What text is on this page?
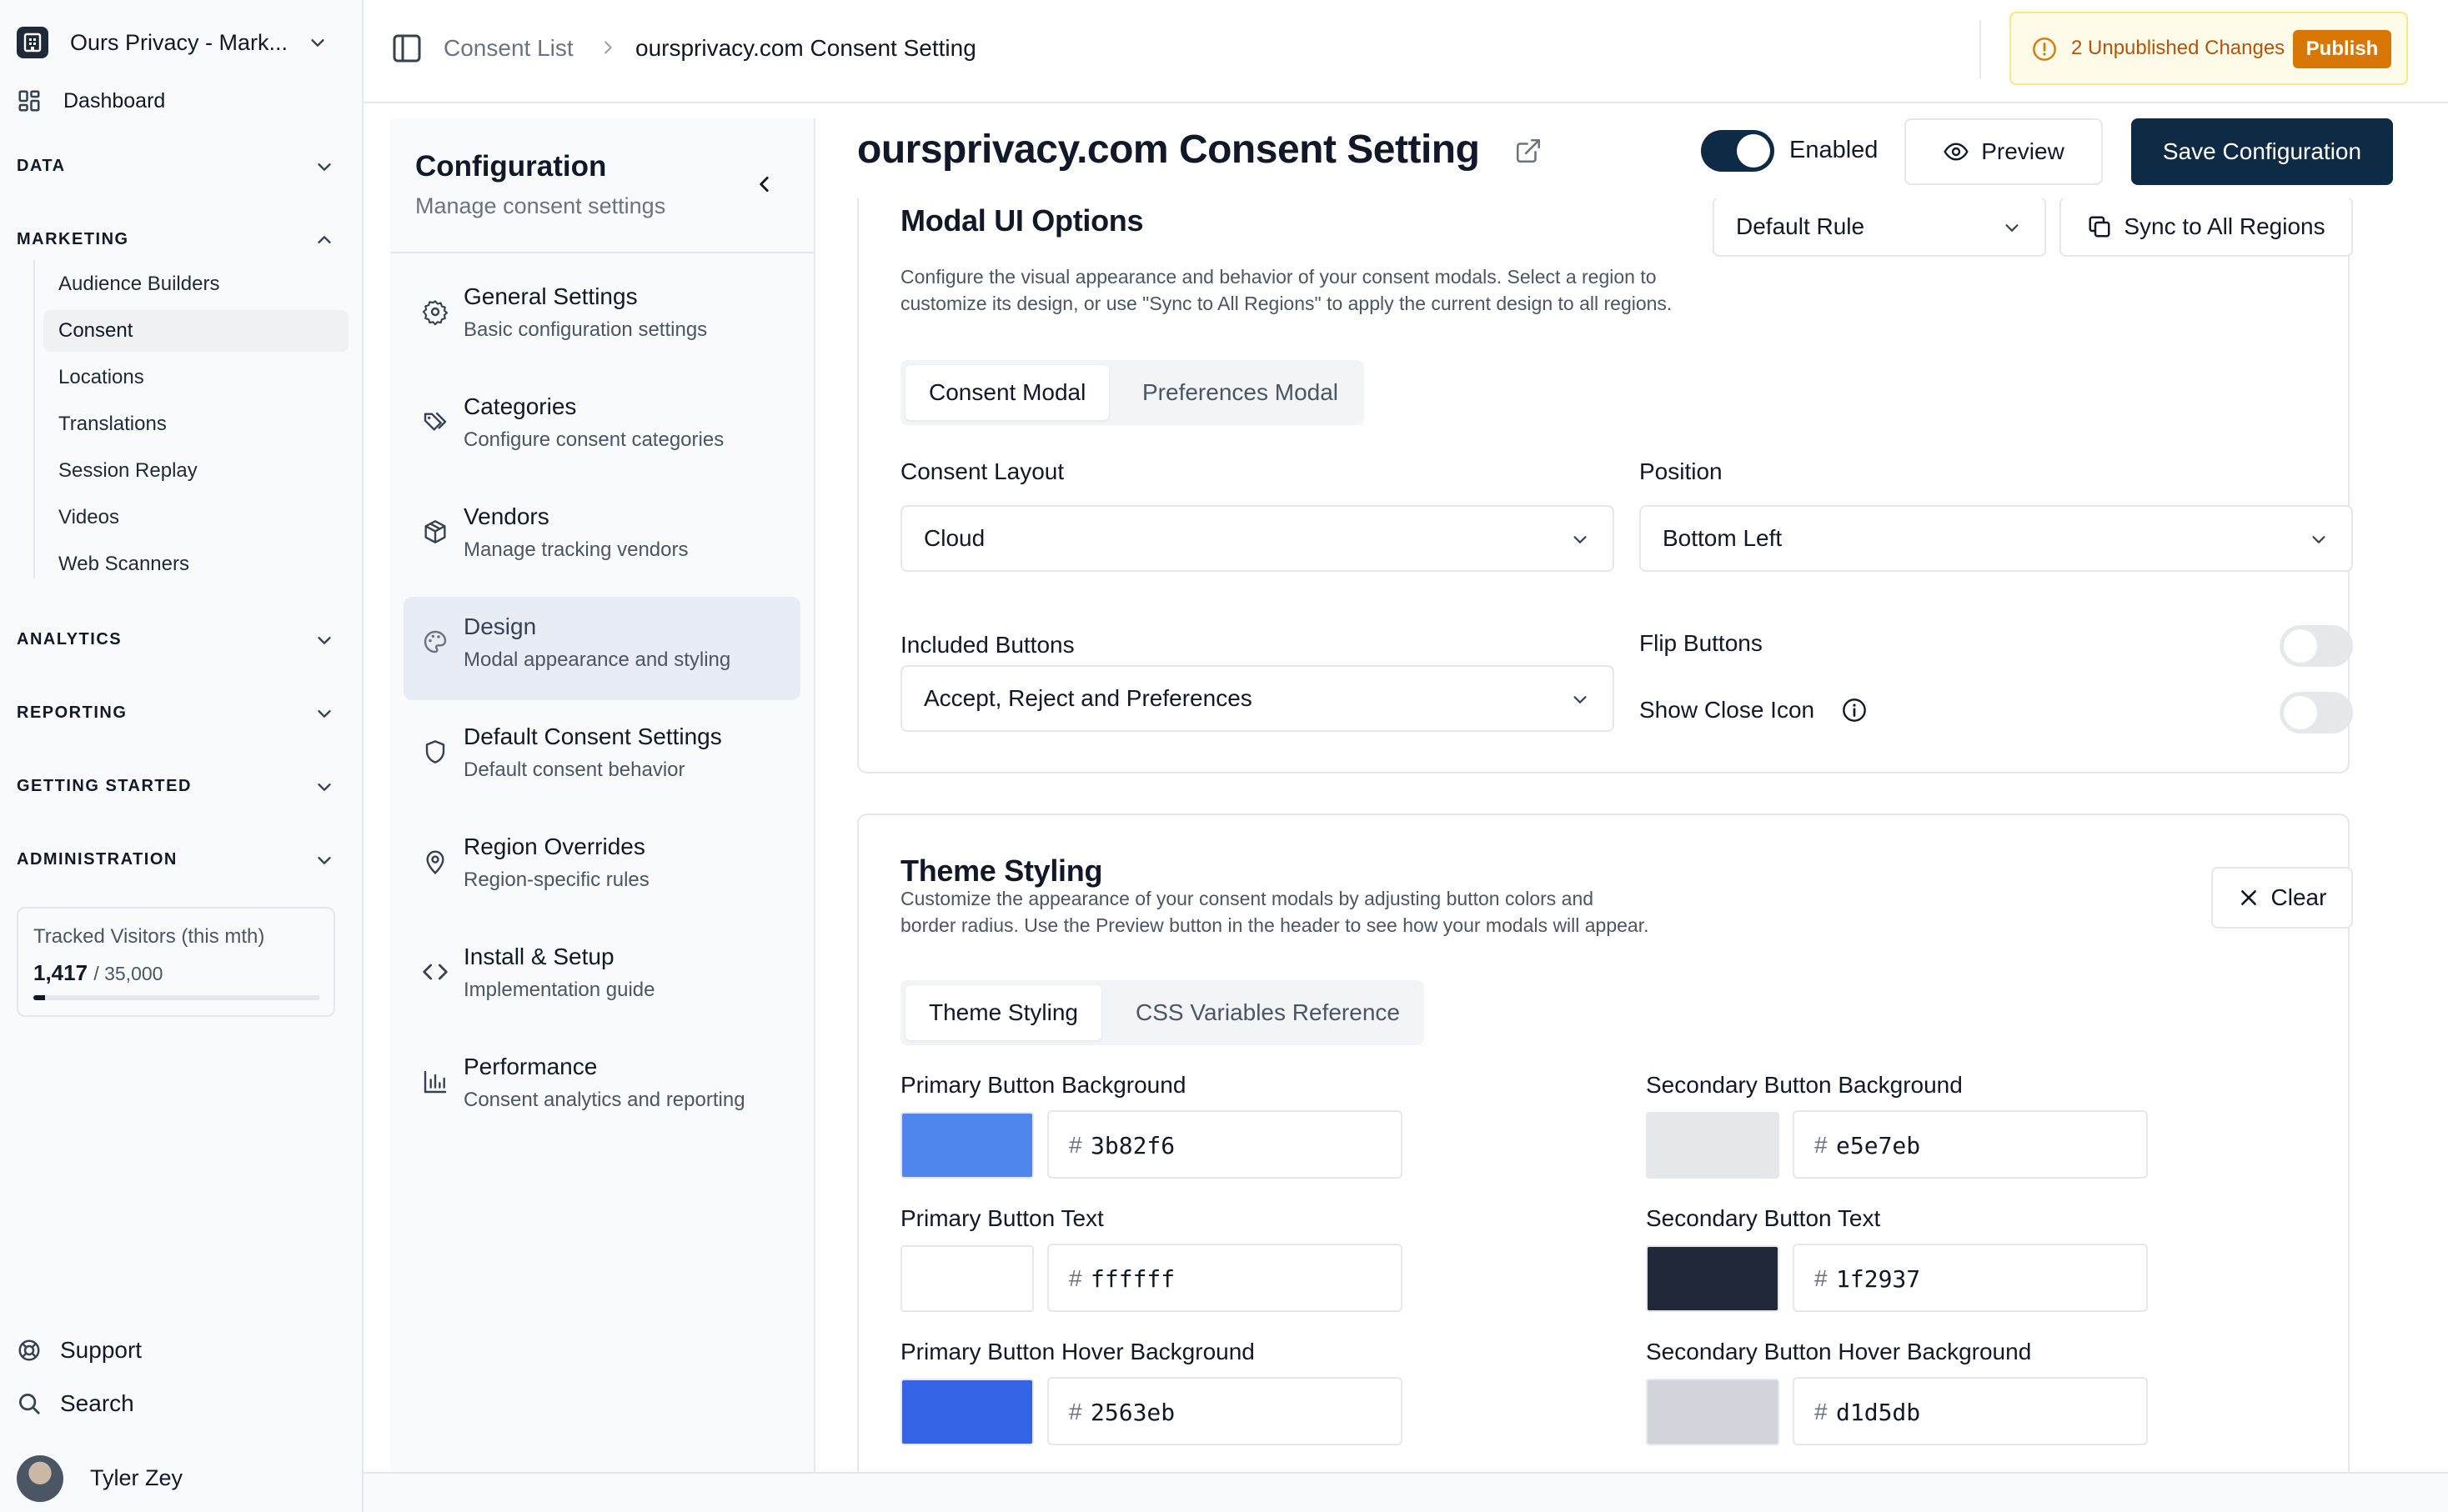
Ours Privacy - Mark...
Dashboard
DATA
MARKETING
Audience Builders
Consent
Locations
Translations
Session Replay
Videos
Web Scanners
ANALYTICS
REPORTING
GETTING STARTED
ADMINISTRATION
Tracked Visitors (this mth)
1,417 / 35,000
Support
Search
Tyler Zey
Consent List	oursprivacy.com Consent Setting	2 Unpublished Changes	Publish
Configuration
Manage consent settings
General Settings
Basic configuration settings
Categories
Configure consent categories
Vendors
Manage tracking vendors
Design
Modal appearance and styling
Default Consent Settings
Default consent behavior
Region Overrides
Region-specific rules
Install & Setup
Implementation guide
Performance
Consent analytics and reporting
Modal UI Options
Configure the visual appearance and behavior of your consent modals. Select a region to
customize its design, or use "Sync to All Regions" to apply the current design to all regions.
Default Rule	Sync to All Regions
Consent Modal	Preferences Modal
Consent Layout
Cloud
Position
Bottom Left
Included Buttons
Accept, Reject and Preferences
Flip Buttons
Show Close Icon
oursprivacy.com Consent Setting	Enabled	Preview	Save Configuration
Theme Styling
Customize the appearance of your consent modals by adjusting button colors and
border radius. Use the Preview button in the header to see how your modals will appear.
Clear
Theme Styling	CSS Variables Reference
Primary Button Background
# 3b82f6
Primary Button Text
# ffffff
Primary Button Hover Background
# 2563eb
Secondary Button Background
# e5e7eb
Secondary Button Text
# 1f2937
Secondary Button Hover Background
# d1d5db
